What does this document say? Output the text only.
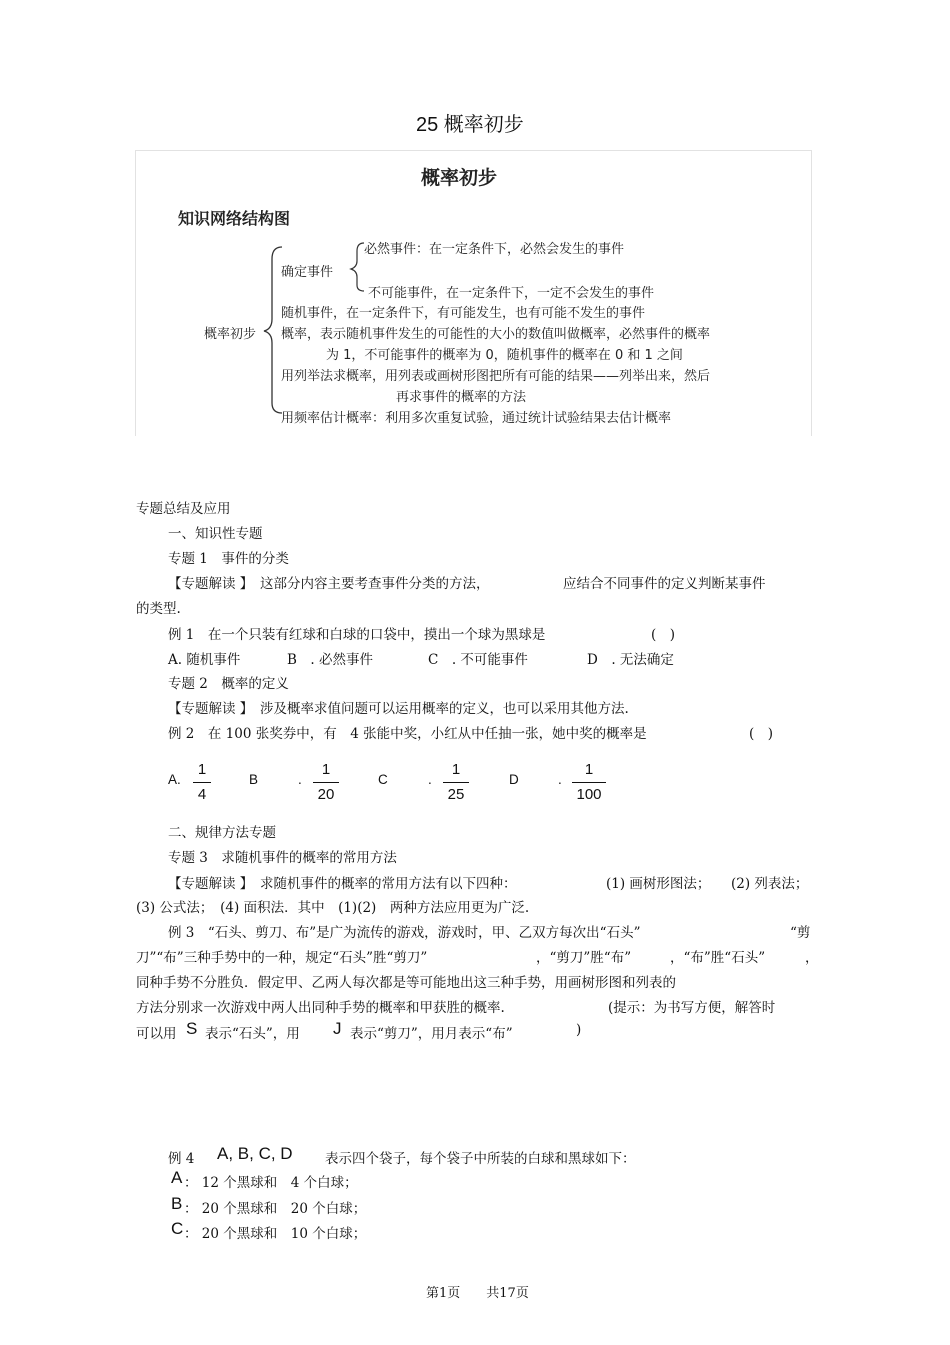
25 概率初步
概率初步
知识网络结构图
概率初步
确定事件
必然事件：在一定条件下，必然会发生的事件
不可能事件，在一定条件下，一定不会发生的事件
随机事件，在一定条件下，有可能发生，也有可能不发生的事件
概率，表示随机事件发生的可能性的大小的数值叫做概率，必然事件的概率
为 1，不可能事件的概率为 0，随机事件的概率在 0 和 1 之间
用列举法求概率，用列表或画树形图把所有可能的结果——列举出来，然后
再求事件的概率的方法
用频率估计概率：利用多次重复试验，通过统计试验结果去估计概率
专题总结及应用
一、知识性专题
专题 1　事件的分类
【专题解读 】　这部分内容主要考查事件分类的方法，	应结合不同事件的定义判断某事件
的类型.
例 1　在一个只装有红球和白球的口袋中，摸出一个球为黑球是	(　)
A. 随机事件	B　. 必然事件	C　. 不可能事件	D　. 无法确定
专题 2　概率的定义
【专题解读 】　涉及概率求值问题可以运用概率的定义，也可以采用其他方法.
例 2　在 100 张奖券中，有　4 张能中奖，小红从中任抽一张，她中奖的概率是	(　)
A.
1
4
B	.
1
20
C	.
1
25
D	.
1
100
二、规律方法专题
专题 3　求随机事件的概率的常用方法
【专题解读 】　求随机事件的概率的常用方法有以下四种：	(1) 画树形图法； (2) 列表法；
(3) 公式法；　(4) 面积法．其中　(1)(2)　两种方法应用更为广泛.
例 3　“石头、剪刀、布”是广为流传的游戏，游戏时，甲、乙双方每次出“石头”	“剪
刀”“布”三种手势中的一种，规定“石头”胜“剪刀”	，“剪刀”胜“布”	，“布”胜“石头”	，
同种手势不分胜负．假定甲、乙两人每次都是等可能地出这三种手势，用画树形图和列表的
方法分别求一次游戏中两人出同种手势的概率和甲获胜的概率.	(提示：为书写方便，解答时
可以用 S 表示“石头”，用 J 表示“剪刀”，用月表示“布”	)
例 4 A, B, C, D 表示四个袋子，每个袋子中所装的白球和黑球如下：
A ： 12 个黑球和　4 个白球；
B ： 20 个黑球和　20 个白球；
C ： 20 个黑球和　10 个白球；
第1页　　共17页
